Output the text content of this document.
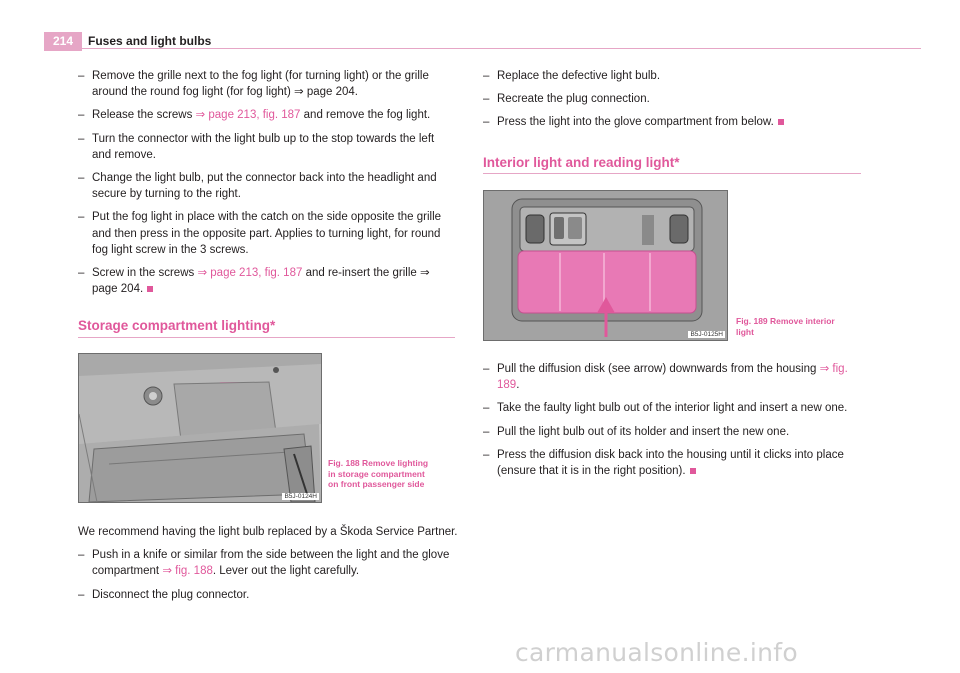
214	Fuses and light bulbs
– Remove the grille next to the fog light (for turning light) or the grille around the round fog light (for fog light) ⇒ page 204.
– Release the screws ⇒ page 213, fig. 187 and remove the fog light.
– Turn the connector with the light bulb up to the stop towards the left and remove.
– Change the light bulb, put the connector back into the headlight and secure by turning to the right.
– Put the fog light in place with the catch on the side opposite the grille and then press in the opposite part. Applies to turning light, for round fog light screw in the 3 screws.
– Screw in the screws ⇒ page 213, fig. 187 and re-insert the grille ⇒ page 204.
Storage compartment lighting*
B5J-0124H
Fig. 188 Remove lighting in storage compartment on front passenger side

We recommend having the light bulb replaced by a Škoda Service Partner.

– Push in a knife or similar from the side between the light and the glove compartment ⇒ fig. 188. Lever out the light carefully.
– Disconnect the plug connector.
– Replace the defective light bulb.
– Recreate the plug connection.
– Press the light into the glove compartment from below.
Interior light and reading light*
B5J-0125H
Fig. 189 Remove interior light
– Pull the diffusion disk (see arrow) downwards from the housing ⇒ fig. 189.
– Take the faulty light bulb out of the interior light and insert a new one.
– Pull the light bulb out of its holder and insert the new one.
– Press the diffusion disk back into the housing until it clicks into place (ensure that it is in the right position).
carmanualsonline.info
